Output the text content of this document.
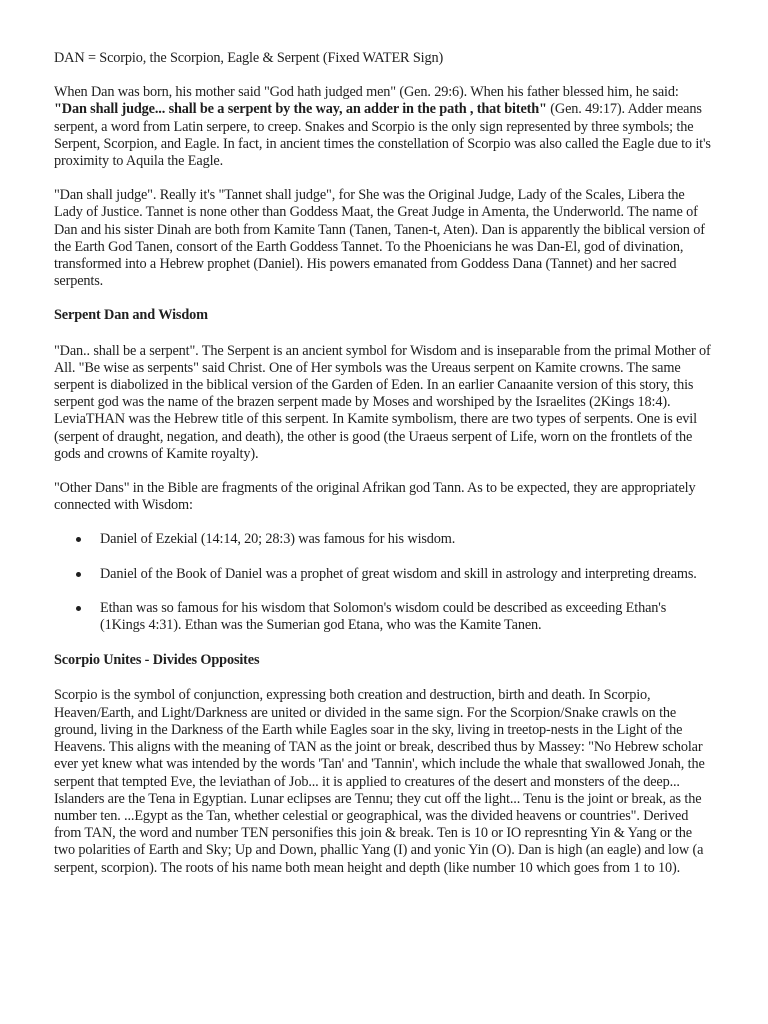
DAN = Scorpio, the Scorpion, Eagle & Serpent (Fixed WATER Sign)

When Dan was born, his mother said "God hath judged men" (Gen. 29:6). When his father blessed him, he said: "Dan shall judge... shall be a serpent by the way, an adder in the path , that biteth" (Gen. 49:17). Adder means serpent, a word from Latin serpere, to creep. Snakes and Scorpio is the only sign represented by three symbols; the Serpent, Scorpion, and Eagle. In fact, in ancient times the constellation of Scorpio was also called the Eagle due to it's proximity to Aquila the Eagle.

"Dan shall judge". Really it's "Tannet shall judge", for She was the Original Judge, Lady of the Scales, Libera the Lady of Justice. Tannet is none other than Goddess Maat, the Great Judge in Amenta, the Underworld. The name of Dan and his sister Dinah are both from Kamite Tann (Tanen, Tanen-t, Aten). Dan is apparently the biblical version of the Earth God Tanen, consort of the Earth Goddess Tannet. To the Phoenicians he was Dan-El, god of divination, transformed into a Hebrew prophet (Daniel). His powers emanated from Goddess Dana (Tannet) and her sacred serpents.

Serpent Dan and Wisdom

"Dan.. shall be a serpent". The Serpent is an ancient symbol for Wisdom and is inseparable from the primal Mother of All. "Be wise as serpents" said Christ. One of Her symbols was the Ureaus serpent on Kamite crowns. The same serpent is diabolized in the biblical version of the Garden of Eden. In an earlier Canaanite version of this story, this serpent god was the name of the brazen serpent made by Moses and worshiped by the Israelites (2Kings 18:4). LeviaTHAN was the Hebrew title of this serpent. In Kamite symbolism, there are two types of serpents. One is evil (serpent of draught, negation, and death), the other is good (the Uraeus serpent of Life, worn on the frontlets of the gods and crowns of Kamite royalty).

"Other Dans" in the Bible are fragments of the original Afrikan god Tann. As to be expected, they are appropriately connected with Wisdom:

Daniel of Ezekial (14:14, 20; 28:3) was famous for his wisdom.
Daniel of the Book of Daniel was a prophet of great wisdom and skill in astrology and interpreting dreams.
Ethan was so famous for his wisdom that Solomon's wisdom could be described as exceeding Ethan's (1Kings 4:31). Ethan was the Sumerian god Etana, who was the Kamite Tanen.
Scorpio Unites - Divides Opposites

Scorpio is the symbol of conjunction, expressing both creation and destruction, birth and death. In Scorpio, Heaven/Earth, and Light/Darkness are united or divided in the same sign. For the Scorpion/Snake crawls on the ground, living in the Darkness of the Earth while Eagles soar in the sky, living in treetop-nests in the Light of the Heavens. This aligns with the meaning of TAN as the joint or break, described thus by Massey: "No Hebrew scholar ever yet knew what was intended by the words 'Tan' and 'Tannin', which include the whale that swallowed Jonah, the serpent that tempted Eve, the leviathan of Job... it is applied to creatures of the desert and monsters of the deep... Islanders are the Tena in Egyptian. Lunar eclipses are Tennu; they cut off the light... Tenu is the joint or break, as the number ten. ...Egypt as the Tan, whether celestial or geographical, was the divided heavens or countries". Derived from TAN, the word and number TEN personifies this join & break. Ten is 10 or IO represnting Yin & Yang or the two polarities of Earth and Sky; Up and Down, phallic Yang (I) and yonic Yin (O). Dan is high (an eagle) and low (a serpent, scorpion). The roots of his name both mean height and depth (like number 10 which goes from 1 to 10).
